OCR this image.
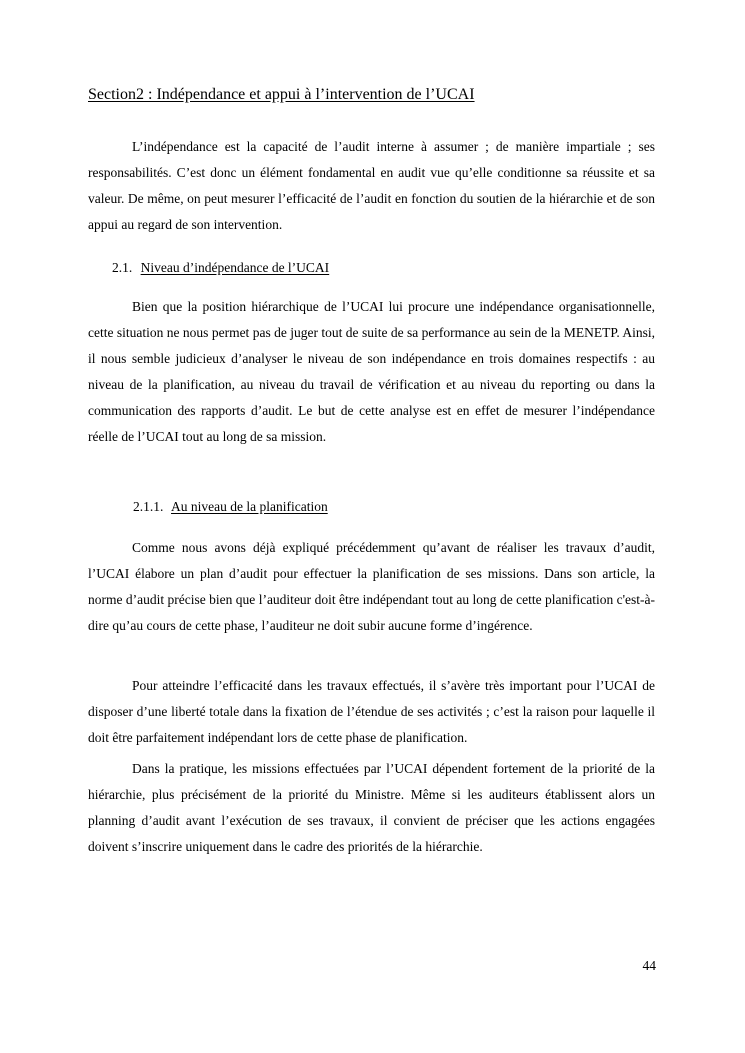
Section2 : Indépendance et appui à l’intervention de l’UCAI

L’indépendance est la capacité de l’audit interne à assumer ; de manière impartiale ; ses responsabilités. C’est donc un élément fondamental en audit vue qu’elle conditionne sa réussite et sa valeur. De même, on peut mesurer l’efficacité de l’audit en fonction du soutien de la hiérarchie et de son appui au regard de son intervention.

2.1. Niveau d’indépendance de l’UCAI

Bien que la position hiérarchique de l’UCAI lui procure une indépendance organisationnelle, cette situation ne nous permet pas de juger tout de suite de sa performance au sein de la MENETP. Ainsi, il nous semble judicieux d’analyser le niveau de son indépendance en trois domaines respectifs : au niveau de la planification, au niveau du travail de vérification et au niveau du reporting ou dans la communication des rapports d’audit. Le but de cette analyse est en effet de mesurer l’indépendance réelle de l’UCAI tout au long de sa mission.

2.1.1. Au niveau de la planification

Comme nous avons déjà expliqué précédemment qu’avant de réaliser les travaux d’audit, l’UCAI élabore un plan d’audit pour effectuer la planification de ses missions. Dans son article, la norme d’audit précise bien que l’auditeur doit être indépendant tout au long de cette planification c'est-à-dire qu’au cours de cette phase, l’auditeur ne doit subir aucune forme d’ingérence.

Pour atteindre l’efficacité dans les travaux effectués, il s’avère très important pour l’UCAI de disposer d’une liberté totale dans la fixation de l’étendue de ses activités ; c’est la raison pour laquelle il doit être parfaitement indépendant lors de cette phase de planification.

Dans la pratique, les missions effectuées par l’UCAI dépendent fortement de la priorité de la hiérarchie, plus précisément de la priorité du Ministre. Même si les auditeurs établissent alors un planning d’audit avant l’exécution de ses travaux, il convient de préciser que les actions engagées doivent s’inscrire uniquement dans le cadre des priorités de la hiérarchie.

44
